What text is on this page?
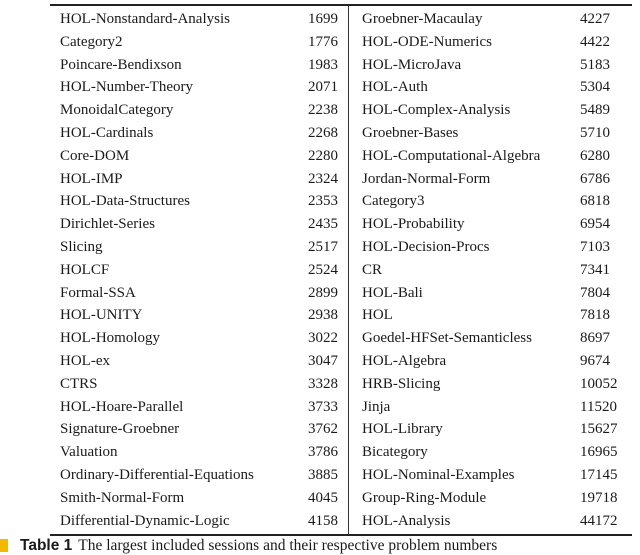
HOL-Nonstandard-Analysis	1699	Groebner-Macaulay	4227
Category2	1776	HOL-ODE-Numerics	4422
Poincare-Bendixson	1983	HOL-MicroJava	5183
HOL-Number-Theory	2071	HOL-Auth	5304
MonoidalCategory	2238	HOL-Complex-Analysis	5489
HOL-Cardinals	2268	Groebner-Bases	5710
Core-DOM	2280	HOL-Computational-Algebra	6280
HOL-IMP	2324	Jordan-Normal-Form	6786
HOL-Data-Structures	2353	Category3	6818
Dirichlet-Series	2435	HOL-Probability	6954
Slicing	2517	HOL-Decision-Procs	7103
HOLCF	2524	CR	7341
Formal-SSA	2899	HOL-Bali	7804
HOL-UNITY	2938	HOL	7818
HOL-Homology	3022	Goedel-HFSet-Semanticless	8697
HOL-ex	3047	HOL-Algebra	9674
CTRS	3328	HRB-Slicing	10052
HOL-Hoare-Parallel	3733	Jinja	11520
Signature-Groebner	3762	HOL-Library	15627
Valuation	3786	Bicategory	16965
Ordinary-Differential-Equations	3885	HOL-Nominal-Examples	17145
Smith-Normal-Form	4045	Group-Ring-Module	19718
Differential-Dynamic-Logic	4158	HOL-Analysis	44172
Table 1 The largest included sessions and their respective problem numbers
